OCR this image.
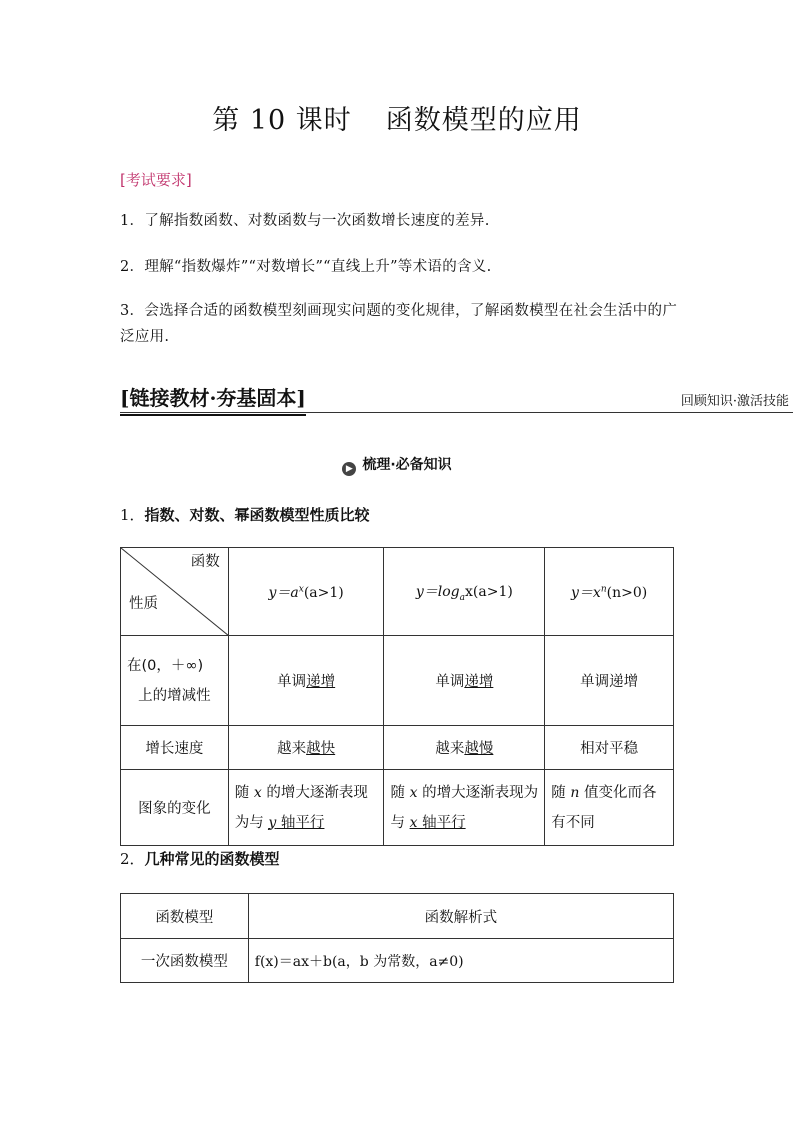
第 10 课时 函数模型的应用
[考试要求]
1．了解指数函数、对数函数与一次函数增长速度的差异.
2．理解“指数爆炸”“对数增长”“直线上升”等术语的含义.
3．会选择合适的函数模型刻画现实问题的变化规律，了解函数模型在社会生活中的广泛应用.
[链接教材·夯基固本]	回顾知识·激活技能
▶ 梳理·必备知识
1．指数、对数、幂函数模型性质比较
函数
性质	$y=a^x(a>1)$	$y=\log_ax(a>1)$	$y=x^n(n>0)$

在(0，＋∞)
上的增减性	单调递增	单调递增	单调递增
增长速度	越来越快	越来越慢	相对平稳
图象的变化	随 x 的增大逐渐表现为与 y 轴平行	随 x 的增大逐渐表现为与 x 轴平行	随 n 值变化而各有不同
2．几种常见的函数模型
函数模型	函数解析式
一次函数模型	f(x)＝ax＋b(a，b 为常数，a≠0)
